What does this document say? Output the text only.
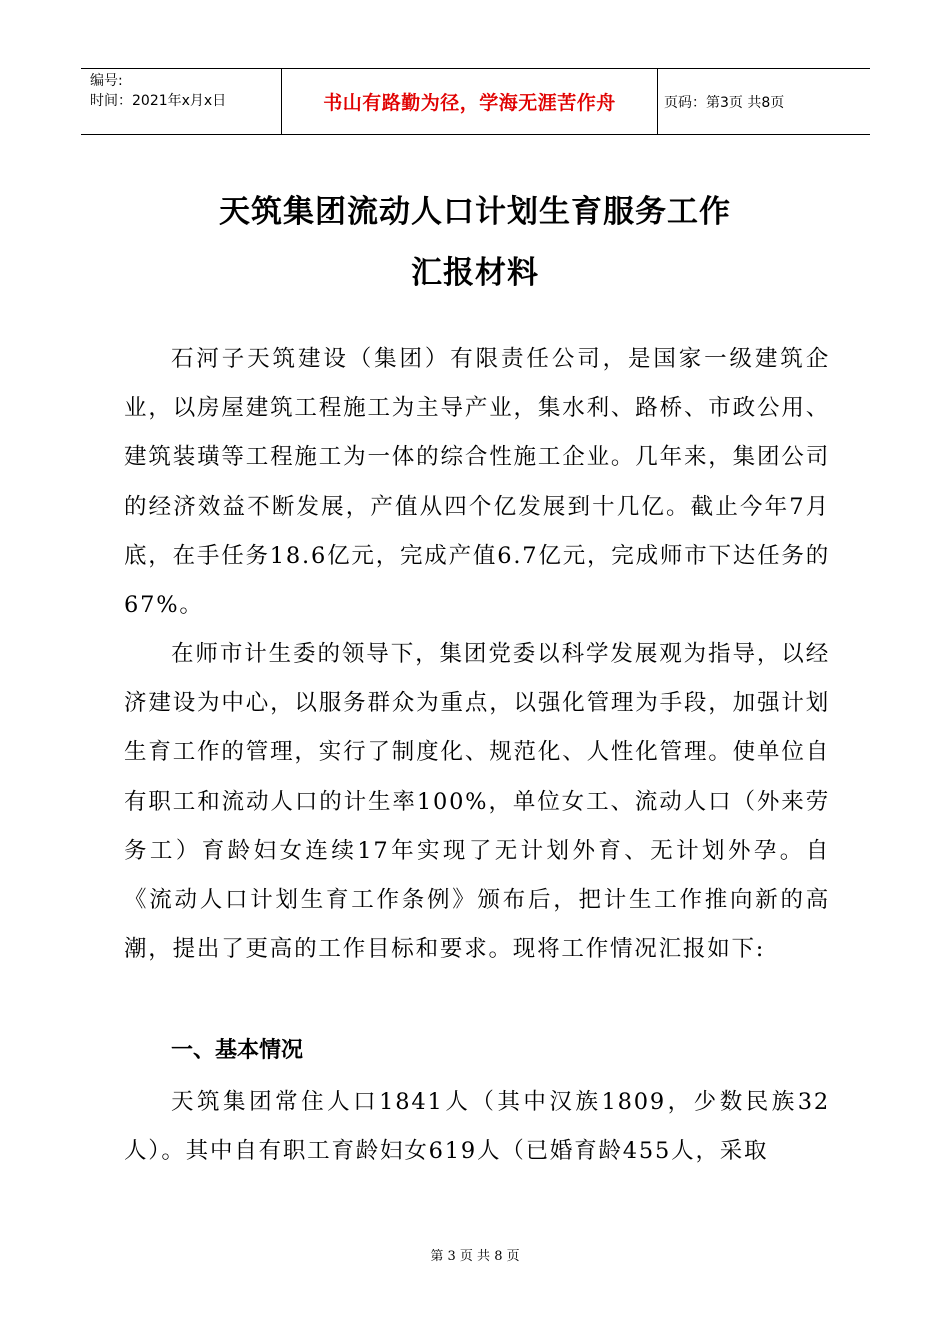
编号:
时间：2021年x月x日	书山有路勤为径，学海无涯苦作舟	页码：第3页 共8页
天筑集团流动人口计划生育服务工作
汇报材料

石河子天筑建设（集团）有限责任公司，是国家一级建筑企业，以房屋建筑工程施工为主导产业，集水利、路桥、市政公用、建筑装璜等工程施工为一体的综合性施工企业。几年来，集团公司的经济效益不断发展，产值从四个亿发展到十几亿。截止今年7月底，在手任务18.6亿元，完成产值6.7亿元，完成师市下达任务的67%。

在师市计生委的领导下，集团党委以科学发展观为指导，以经济建设为中心，以服务群众为重点，以强化管理为手段，加强计划生育工作的管理，实行了制度化、规范化、人性化管理。使单位自有职工和流动人口的计生率100%，单位女工、流动人口（外来劳务工）育龄妇女连续17年实现了无计划外育、无计划外孕。自《流动人口计划生育工作条例》颁布后，把计生工作推向新的高潮，提出了更高的工作目标和要求。现将工作情况汇报如下:

一、基本情况

天筑集团常住人口1841人（其中汉族1809，少数民族32人）。其中自有职工育龄妇女619人（已婚育龄455人，采取

第 3 页 共 8 页
